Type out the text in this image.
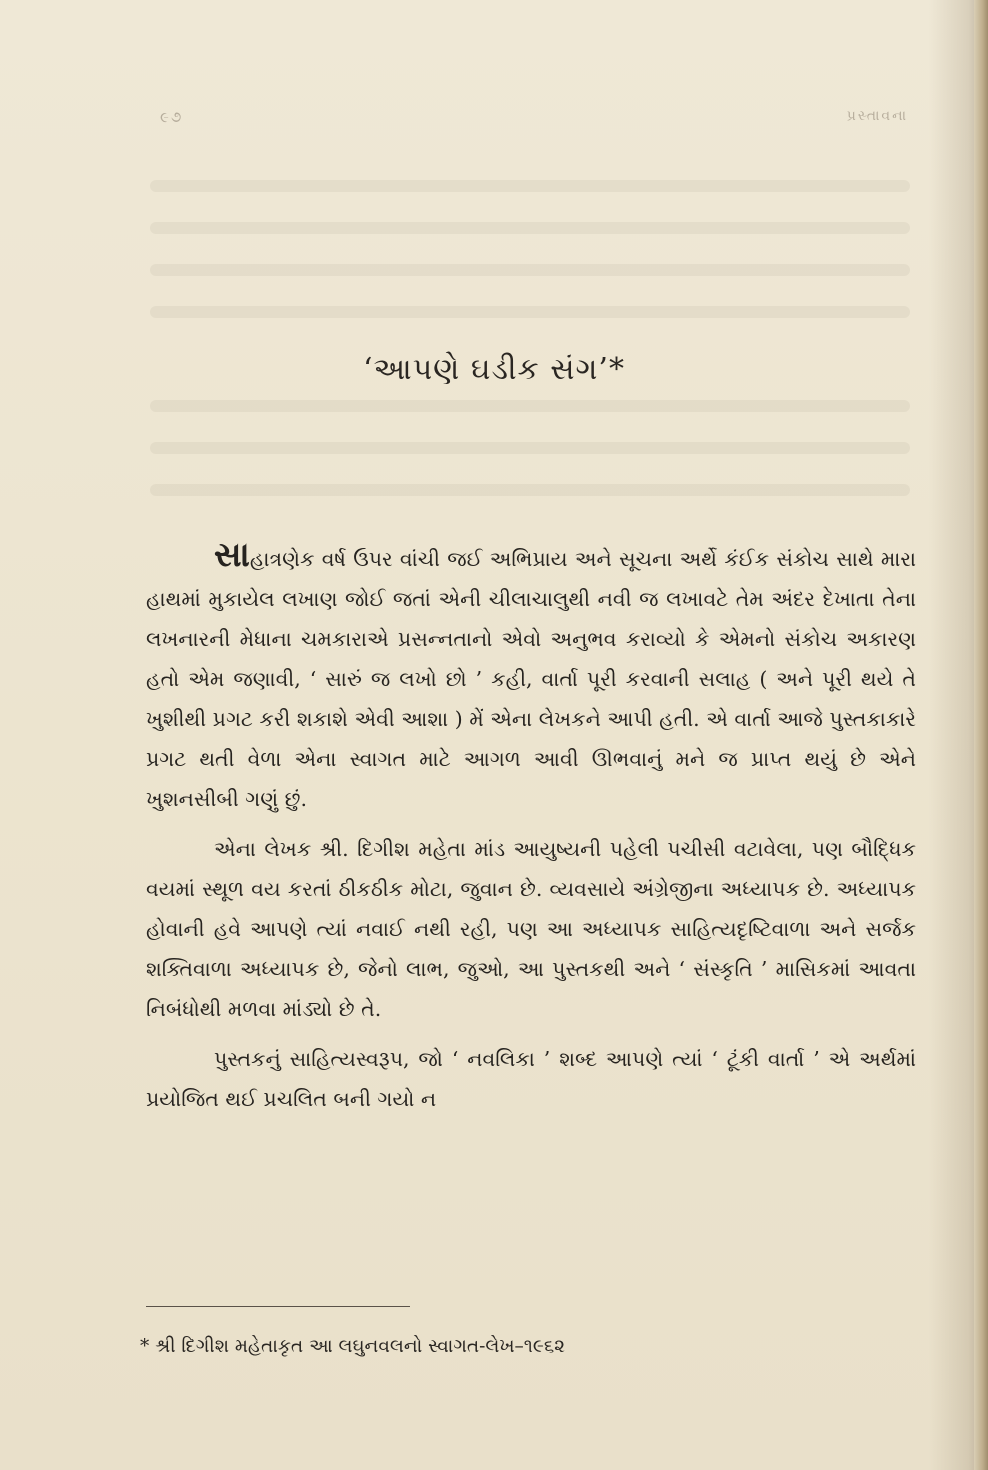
૯૭	પ્રસ્તાવના
‘આપણે ઘડીક સંગ’*

સાહાત્રણેક વર્ષ ઉપર વાંચી જઈ અભિપ્રાય અને સૂચના અર્થે કંઈક સંકોચ સાથે મારા હાથમાં મુકાયેલ લખાણ જોઈ જતાં એની ચીલાચાલુથી નવી જ લખાવટે તેમ અંદર દેખાતા તેના લખનારની મેધાના ચમકારાએ પ્રસન્નતાનો એવો અનુભવ કરાવ્યો કે એમનો સંકોચ અકારણ હતો એમ જણાવી, ‘ સારું જ લખો છો ’ કહી, વાર્તા પૂરી કરવાની સલાહ ( અને પૂરી થયે તે ખુશીથી પ્રગટ કરી શકાશે એવી આશા ) મેં એના લેખકને આપી હતી. એ વાર્તા આજે પુસ્તકાકારે પ્રગટ થતી વેળા એના સ્વાગત માટે આગળ આવી ઊભવાનું મને જ પ્રાપ્ત થયું છે એને ખુશનસીબી ગણું છું.

એના લેખક શ્રી. દિગીશ મહેતા માંડ આયુષ્યની પહેલી પચીસી વટાવેલા, પણ બૌદ્ધિક વયમાં સ્થૂળ વય કરતાં ઠીકઠીક મોટા, જુવાન છે. વ્યવસાયે અંગ્રેજીના અધ્યાપક છે. અધ્યાપક હોવાની હવે આપણે ત્યાં નવાઈ નથી રહી, પણ આ અધ્યાપક સાહિત્યદૃષ્ટિવાળા અને સર્જક શક્તિવાળા અધ્યાપક છે, જેનો લાભ, જુઓ, આ પુસ્તકથી અને ‘ સંસ્કૃતિ ’ માસિકમાં આવતા નિબંધોથી મળવા માંડ્યો છે તે.

પુસ્તકનું સાહિત્યસ્વરૂપ, જો ‘ નવલિકા ’ શબ્દ આપણે ત્યાં ‘ ટૂંકી વાર્તા ’ એ અર્થમાં પ્રયોજિત થઈ પ્રચલિત બની ગયો ન

* શ્રી દિગીશ મહેતાકૃત આ લઘુનવલનો સ્વાગત-લેખ–૧૯૬૨
